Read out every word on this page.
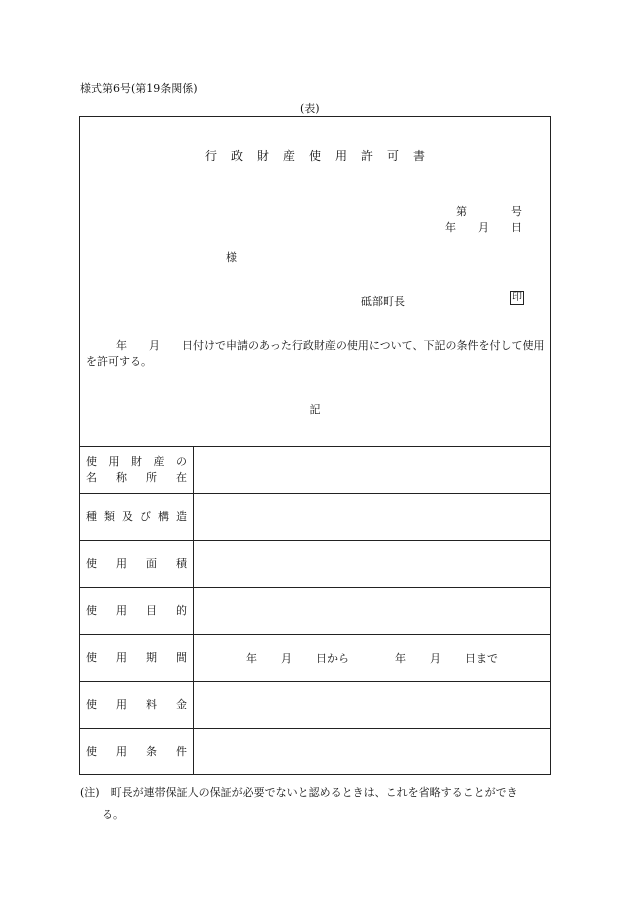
様式第6号(第19条関係)
(表)
行政財産使用許可書
第	号
年 月 日
様
砥部町長	印
年 月 日付けで申請のあった行政財産の使用について、下記の条件を付して使用を許可する。
記
使 用 財 産 の
名 称 所 在
種 類 及 び 構 造
使 用 面 積
使 用 目 的
使 用 期 間	年 月 日から	年 月 日まで
使 用 料 金
使 用 条 件
(注)　町長が連帯保証人の保証が必要でないと認めるときは、これを省略することができ
る。
